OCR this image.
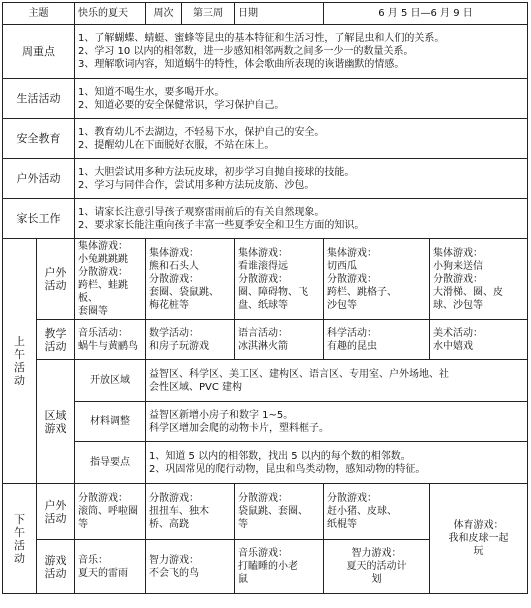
主题		快乐的夏天	周次	第三周	日期	6 月 5 日—6 月 9 日	
周重点		1、了解蝴蝶、蜻蜓、蜜蜂等昆虫的基本特征和生活习性，了解昆虫和人们的关系。
2、学习 10 以内的相邻数，进一步感知相邻两数之间多一少一的数量关系。
3、理解歌词内容，知道蜗牛的特性，体会歌曲所表现的诙谐幽默的情感。					

生活活动		1、知道不喝生水，要多喝开水。
2、知道必要的安全保健常识，学习保护自己。					

安全教育		1、教育幼儿不去湖边，不轻易下水，保护自己的安全。
2、提醒幼儿在下面脱好衣服，不站在床上。					

户外活动		1、大胆尝试用多种方法玩皮球，初步学习自抛自接球的技能。
2、学习与同伴合作，尝试用多种方法玩皮筋、沙包。					

家长工作		1、请家长注意引导孩子观察雷雨前后的有关自然现象。
2、要求家长能注重向孩子丰富一些夏季安全和卫生方面的知识。					

上午活动	户外活动	集体游戏：
小兔跳跳跳
分散游戏：
跨栏、蛙跳板、
套圈等	集体游戏：
熊和石头人
分散游戏：
套圈、袋鼠跳、
梅花桩等		集体游戏：
看谁滚得远
分散游戏：
圈、障碍物、飞
盘、纸球等	集体游戏：
切西瓜
分散游戏：
跨栏、跳格子、
沙包等	集体游戏：
小狗来送信
分散游戏：
大滑梯、圈、皮
球、沙包等

	教学活动	音乐活动：
蜗牛与黄鹂鸟	数学活动：
和房子玩游戏		语言活动：
冰淇淋火箭	科学活动：
有趣的昆虫	美术活动：
水中嬉戏

	区域游戏	开放区域	益智区、科学区、美工区、建构区、语言区、专用室、户外场地、社
会性区域、PVC 建构				

		材料调整	益智区新增小房子和数字 1~5。
科学区增加会爬的动物卡片，塑料框子。				

		指导要点	1、知道 5 以内的相邻数，找出 5 以内的每个数的相邻数。
2、巩固常见的爬行动物，昆虫和鸟类动物，感知动物的特征。				

下午活动	户外活动	分散游戏：
滚筒、呼啦圈等	分散游戏：
扭扭车、独木
桥、高跷		分散游戏：
袋鼠跳、套圈、
等	分散游戏：
赶小猪、皮球、
纸棍等	体育游戏：
我和皮球一起
玩

	游戏活动	音乐：
夏天的雷雨	智力游戏：
不会飞的鸟		音乐游戏：
打瞌睡的小老
鼠	智力游戏：
夏天的活动计
划	
